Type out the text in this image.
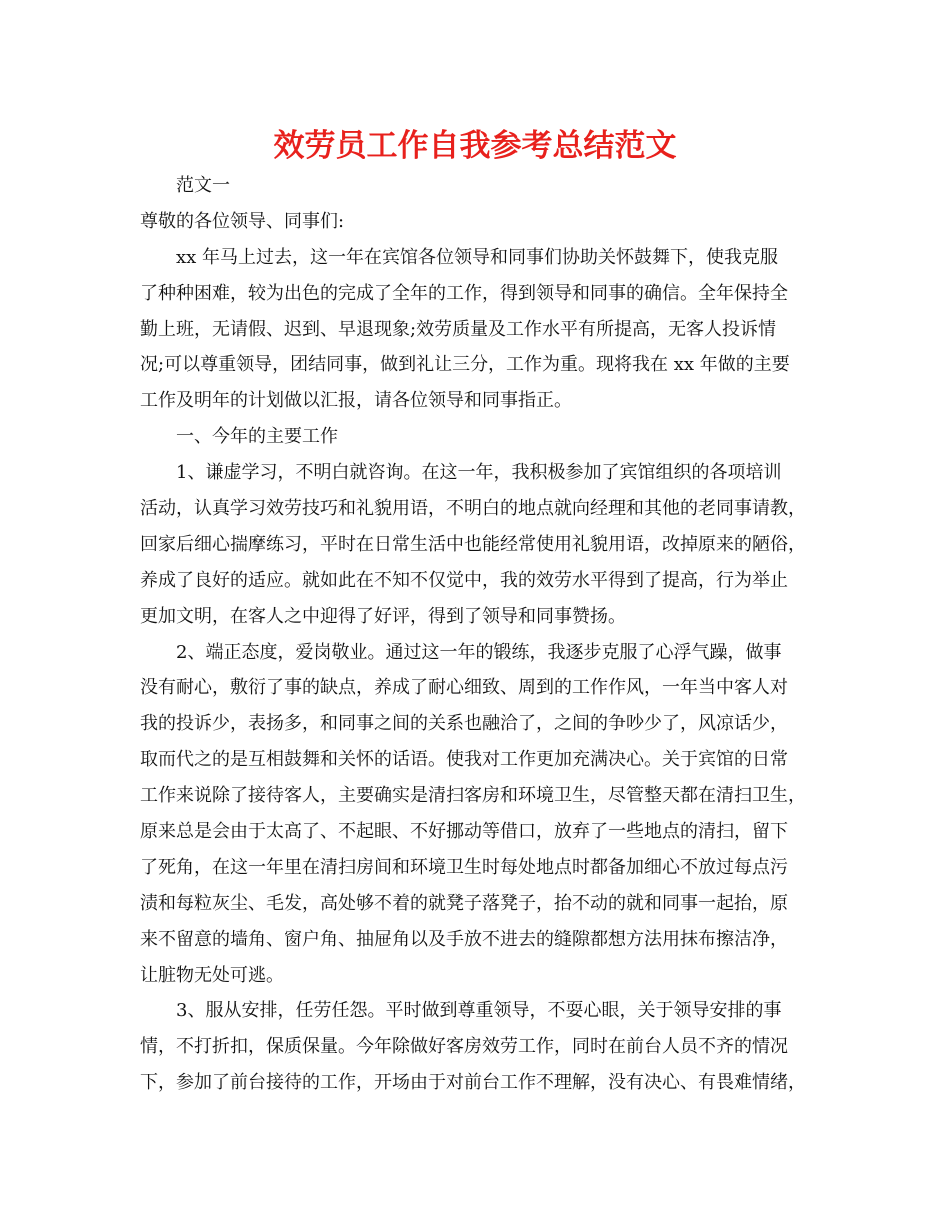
效劳员工作自我参考总结范文
范文一
尊敬的各位领导、同事们:
xx 年马上过去，这一年在宾馆各位领导和同事们协助关怀鼓舞下，使我克服
了种种困难，较为出色的完成了全年的工作，得到领导和同事的确信。全年保持全
勤上班，无请假、迟到、早退现象;效劳质量及工作水平有所提高，无客人投诉情
况;可以尊重领导，团结同事，做到礼让三分，工作为重。现将我在 xx 年做的主要
工作及明年的计划做以汇报，请各位领导和同事指正。
一、今年的主要工作
1、谦虚学习，不明白就咨询。在这一年，我积极参加了宾馆组织的各项培训
活动，认真学习效劳技巧和礼貌用语，不明白的地点就向经理和其他的老同事请教，
回家后细心揣摩练习，平时在日常生活中也能经常使用礼貌用语，改掉原来的陋俗，
养成了良好的适应。就如此在不知不仅觉中，我的效劳水平得到了提高，行为举止
更加文明，在客人之中迎得了好评，得到了领导和同事赞扬。
2、端正态度，爱岗敬业。通过这一年的锻练，我逐步克服了心浮气躁，做事
没有耐心，敷衍了事的缺点，养成了耐心细致、周到的工作作风，一年当中客人对
我的投诉少，表扬多，和同事之间的关系也融洽了，之间的争吵少了，风凉话少，
取而代之的是互相鼓舞和关怀的话语。使我对工作更加充满决心。关于宾馆的日常
工作来说除了接待客人，主要确实是清扫客房和环境卫生，尽管整天都在清扫卫生，
原来总是会由于太高了、不起眼、不好挪动等借口，放弃了一些地点的清扫，留下
了死角，在这一年里在清扫房间和环境卫生时每处地点时都备加细心不放过每点污
渍和每粒灰尘、毛发，高处够不着的就凳子落凳子，抬不动的就和同事一起抬，原
来不留意的墙角、窗户角、抽屉角以及手放不进去的缝隙都想方法用抹布擦洁净，
让脏物无处可逃。
3、服从安排，任劳任怨。平时做到尊重领导，不耍心眼，关于领导安排的事
情，不打折扣，保质保量。今年除做好客房效劳工作，同时在前台人员不齐的情况
下，参加了前台接待的工作，开场由于对前台工作不理解，没有决心、有畏难情绪，
